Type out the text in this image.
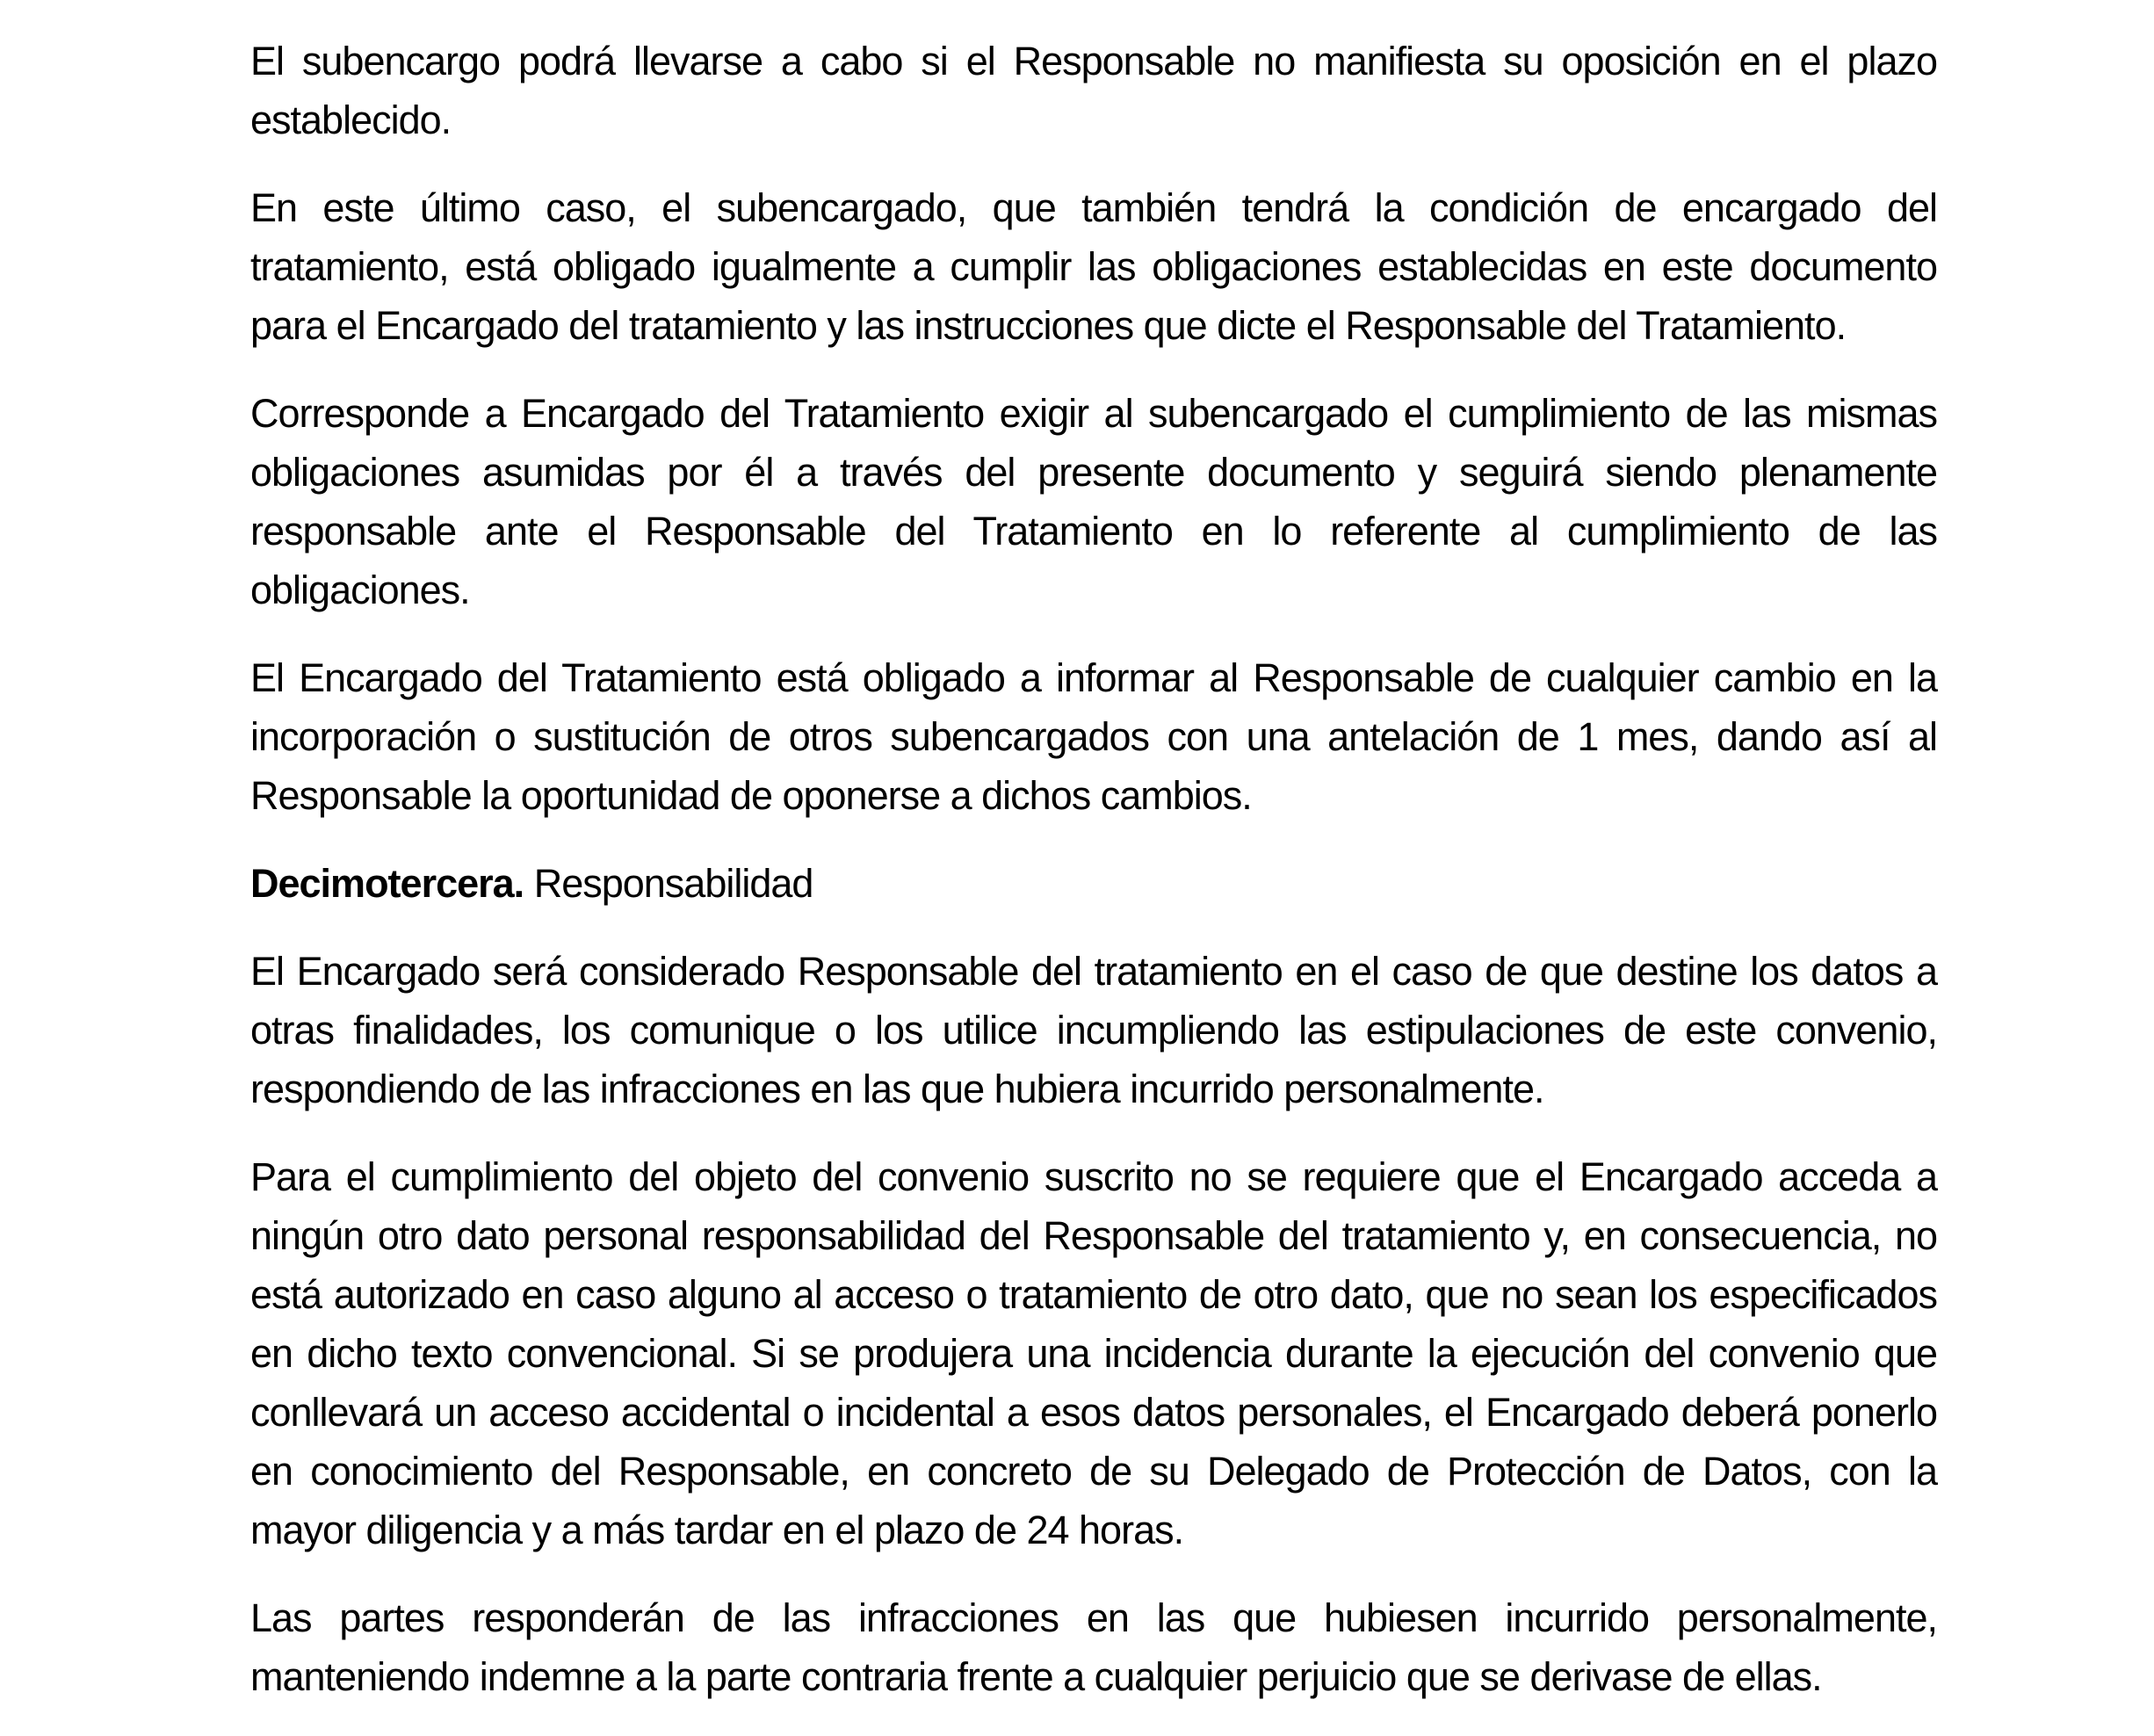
El subencargo podrá llevarse a cabo si el Responsable no manifiesta su oposición en el plazo establecido.

En este último caso, el subencargado, que también tendrá la condición de encargado del tratamiento, está obligado igualmente a cumplir las obligaciones establecidas en este documento para el Encargado del tratamiento y las instrucciones que dicte el Responsable del Tratamiento.

Corresponde a Encargado del Tratamiento exigir al subencargado el cumplimiento de las mismas obligaciones asumidas por él a través del presente documento y seguirá siendo plenamente responsable ante el Responsable del Tratamiento en lo referente al cumplimiento de las obligaciones.

El Encargado del Tratamiento está obligado a informar al Responsable de cualquier cambio en la incorporación o sustitución de otros subencargados con una antelación de 1 mes, dando así al Responsable la oportunidad de oponerse a dichos cambios.

Decimotercera. Responsabilidad

El Encargado será considerado Responsable del tratamiento en el caso de que destine los datos a otras finalidades, los comunique o los utilice incumpliendo las estipulaciones de este convenio, respondiendo de las infracciones en las que hubiera incurrido personalmente.

Para el cumplimiento del objeto del convenio suscrito no se requiere que el Encargado acceda a ningún otro dato personal responsabilidad del Responsable del tratamiento y, en consecuencia, no está autorizado en caso alguno al acceso o tratamiento de otro dato, que no sean los especificados en dicho texto convencional. Si se produjera una incidencia durante la ejecución del convenio que conllevará un acceso accidental o incidental a esos datos personales, el Encargado deberá ponerlo en conocimiento del Responsable, en concreto de su Delegado de Protección de Datos, con la mayor diligencia y a más tardar en el plazo de 24 horas.

Las partes responderán de las infracciones en las que hubiesen incurrido personalmente, manteniendo indemne a la parte contraria frente a cualquier perjuicio que se derivase de ellas.
